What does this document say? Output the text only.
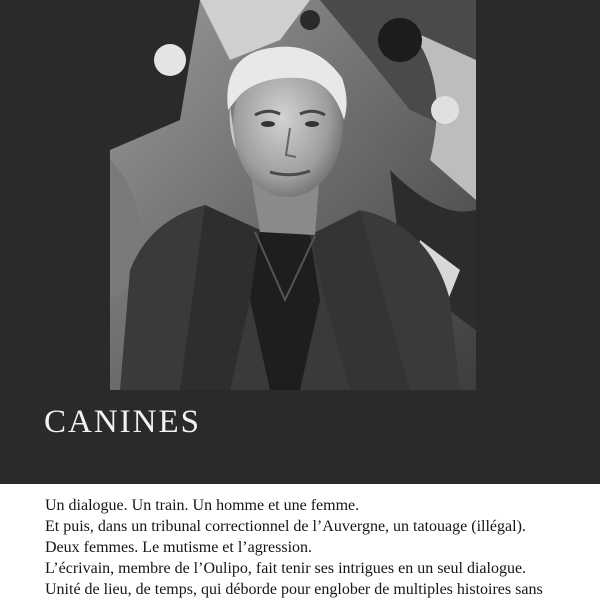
CANINES

Un dialogue. Un train. Un homme et une femme.

Et puis, dans un tribunal correctionnel de l’Auvergne, un tatouage (illégal).

Deux femmes. Le mutisme et l’agression.

L’écrivain, membre de l’Oulipo, fait tenir ses intrigues en un seul dialogue.

Unité de lieu, de temps, qui déborde pour englober de multiples histoires sans
